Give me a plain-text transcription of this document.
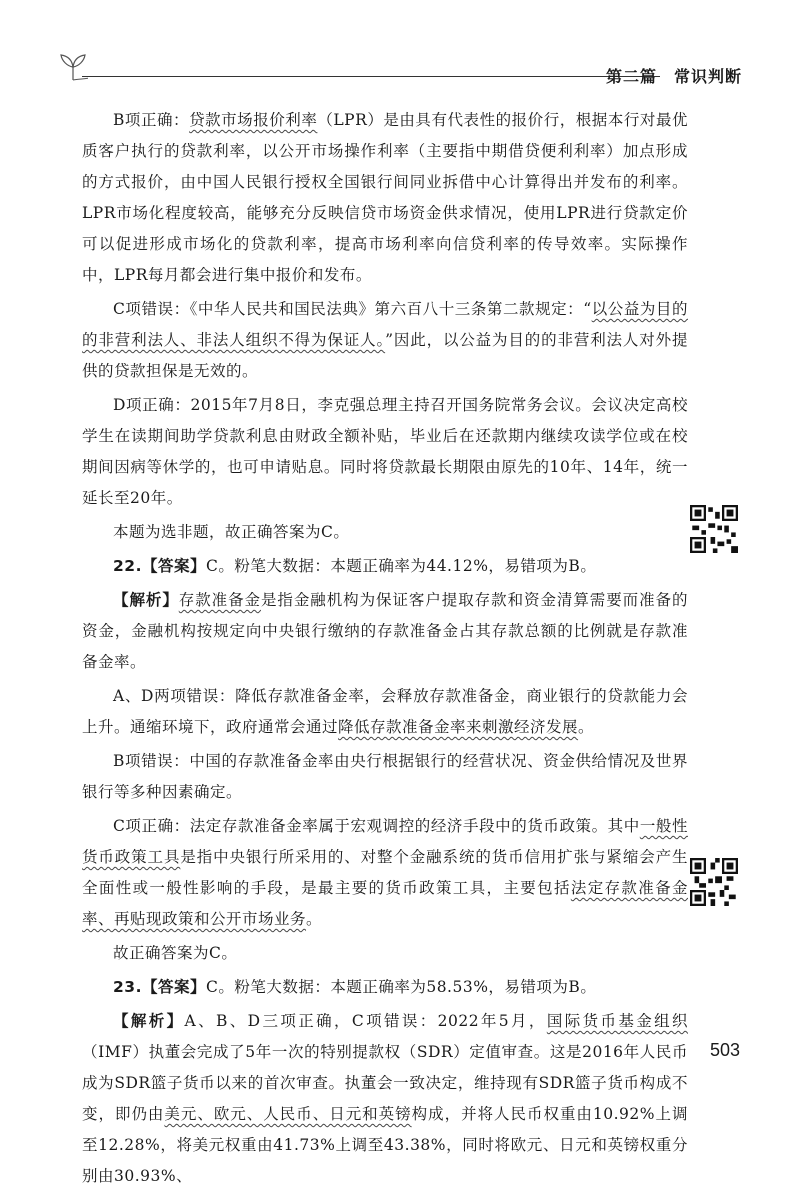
第二篇　常识判断

B项正确：贷款市场报价利率（LPR）是由具有代表性的报价行，根据本行对最优质客户执行的贷款利率，以公开市场操作利率（主要指中期借贷便利利率）加点形成的方式报价，由中国人民银行授权全国银行间同业拆借中心计算得出并发布的利率。LPR市场化程度较高，能够充分反映信贷市场资金供求情况，使用LPR进行贷款定价可以促进形成市场化的贷款利率，提高市场利率向信贷利率的传导效率。实际操作中，LPR每月都会进行集中报价和发布。

C项错误：《中华人民共和国民法典》第六百八十三条第二款规定：“以公益为目的的非营利法人、非法人组织不得为保证人。”因此，以公益为目的的非营利法人对外提供的贷款担保是无效的。

D项正确：2015年7月8日，李克强总理主持召开国务院常务会议。会议决定高校学生在读期间助学贷款利息由财政全额补贴，毕业后在还款期内继续攻读学位或在校期间因病等休学的，也可申请贴息。同时将贷款最长期限由原先的10年、14年，统一延长至20年。

本题为选非题，故正确答案为C。

22.【答案】C。粉笔大数据：本题正确率为44.12%，易错项为B。

【解析】存款准备金是指金融机构为保证客户提取存款和资金清算需要而准备的资金，金融机构按规定向中央银行缴纳的存款准备金占其存款总额的比例就是存款准备金率。

A、D两项错误：降低存款准备金率，会释放存款准备金，商业银行的贷款能力会上升。通缩环境下，政府通常会通过降低存款准备金率来刺激经济发展。

B项错误：中国的存款准备金率由央行根据银行的经营状况、资金供给情况及世界银行等多种因素确定。

C项正确：法定存款准备金率属于宏观调控的经济手段中的货币政策。其中一般性货币政策工具是指中央银行所采用的、对整个金融系统的货币信用扩张与紧缩会产生全面性或一般性影响的手段，是最主要的货币政策工具，主要包括法定存款准备金率、再贴现政策和公开市场业务。

故正确答案为C。

23.【答案】C。粉笔大数据：本题正确率为58.53%，易错项为B。

【解析】A、B、D三项正确，C项错误：2022年5月，国际货币基金组织（IMF）执董会完成了5年一次的特别提款权（SDR）定值审查。这是2016年人民币成为SDR篮子货币以来的首次审查。执董会一致决定，维持现有SDR篮子货币构成不变，即仍由美元、欧元、人民币、日元和英镑构成，并将人民币权重由10.92%上调至12.28%，将美元权重由41.73%上调至43.38%，同时将欧元、日元和英镑权重分别由30.93%、

503
